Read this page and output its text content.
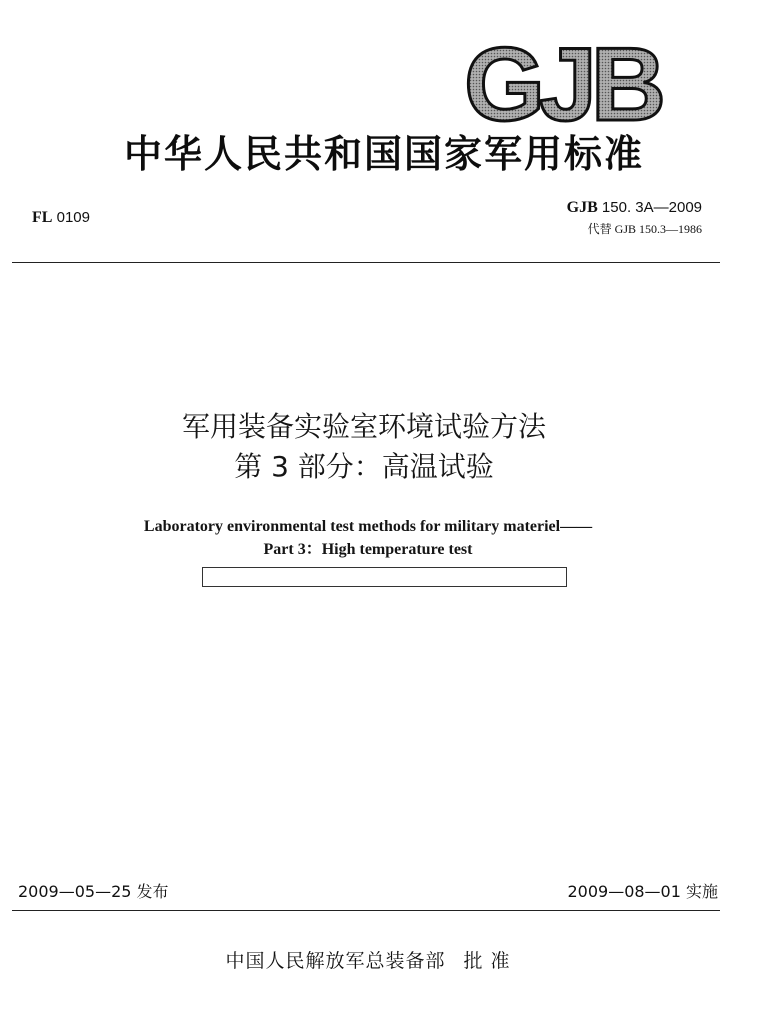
GJB
中华人民共和国国家军用标准
FL 0109
GJB 150. 3A—2009
代替 GJB 150.3—1986
军用装备实验室环境试验方法
第 3 部分：高温试验
Laboratory environmental test methods for military materiel——
Part 3：High temperature test
2009—05—25 发布	2009—08—01 实施
中国人民解放军总装备部 批 准
